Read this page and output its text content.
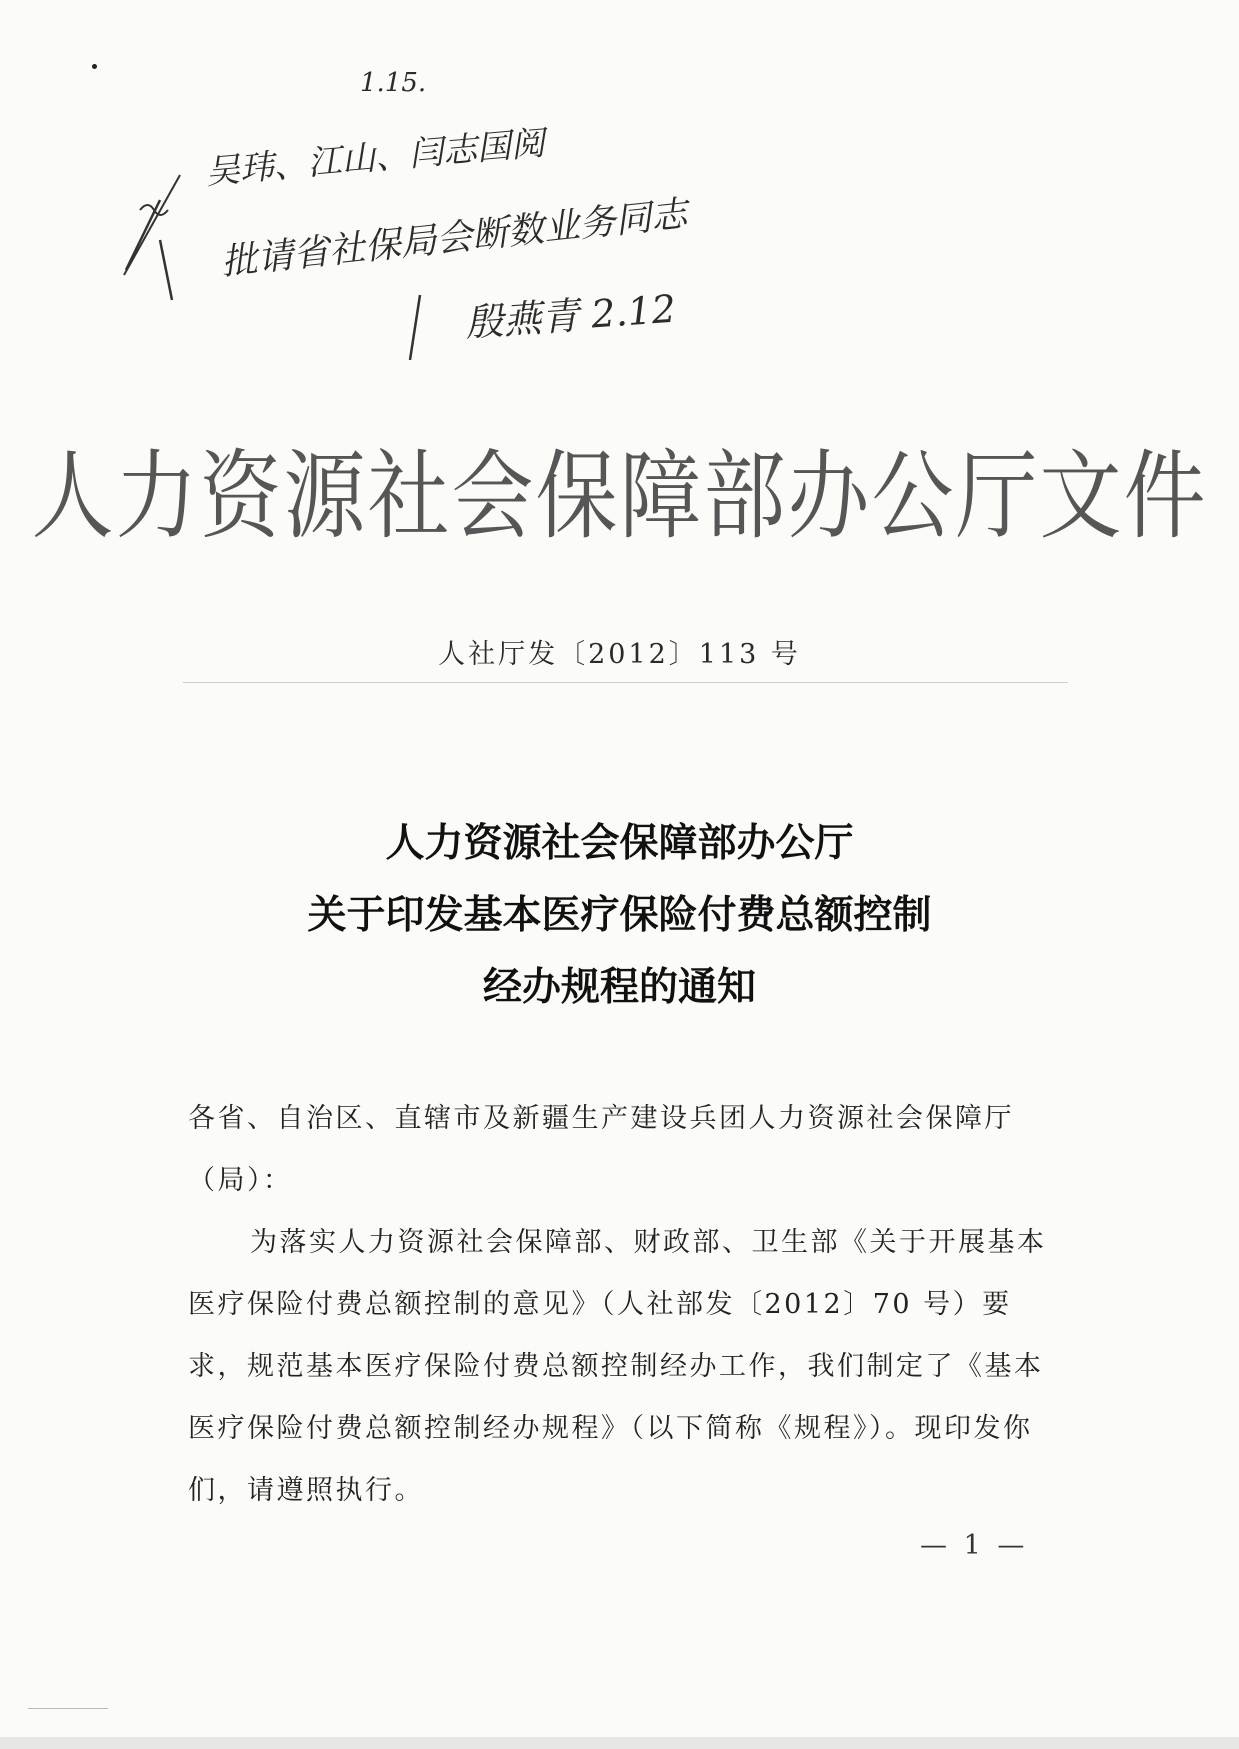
1.15.
吴玮、江山、闫志国阅
批请省社保局会断数业务同志
殷燕青 2.12
人力资源社会保障部办公厅文件
人社厅发〔2012〕113 号
人力资源社会保障部办公厅
关于印发基本医疗保险付费总额控制
经办规程的通知

各省、自治区、直辖市及新疆生产建设兵团人力资源社会保障厅（局）：

为落实人力资源社会保障部、财政部、卫生部《关于开展基本医疗保险付费总额控制的意见》（人社部发〔2012〕70 号）要求，规范基本医疗保险付费总额控制经办工作，我们制定了《基本医疗保险付费总额控制经办规程》（以下简称《规程》）。现印发你们，请遵照执行。

— 1 —
